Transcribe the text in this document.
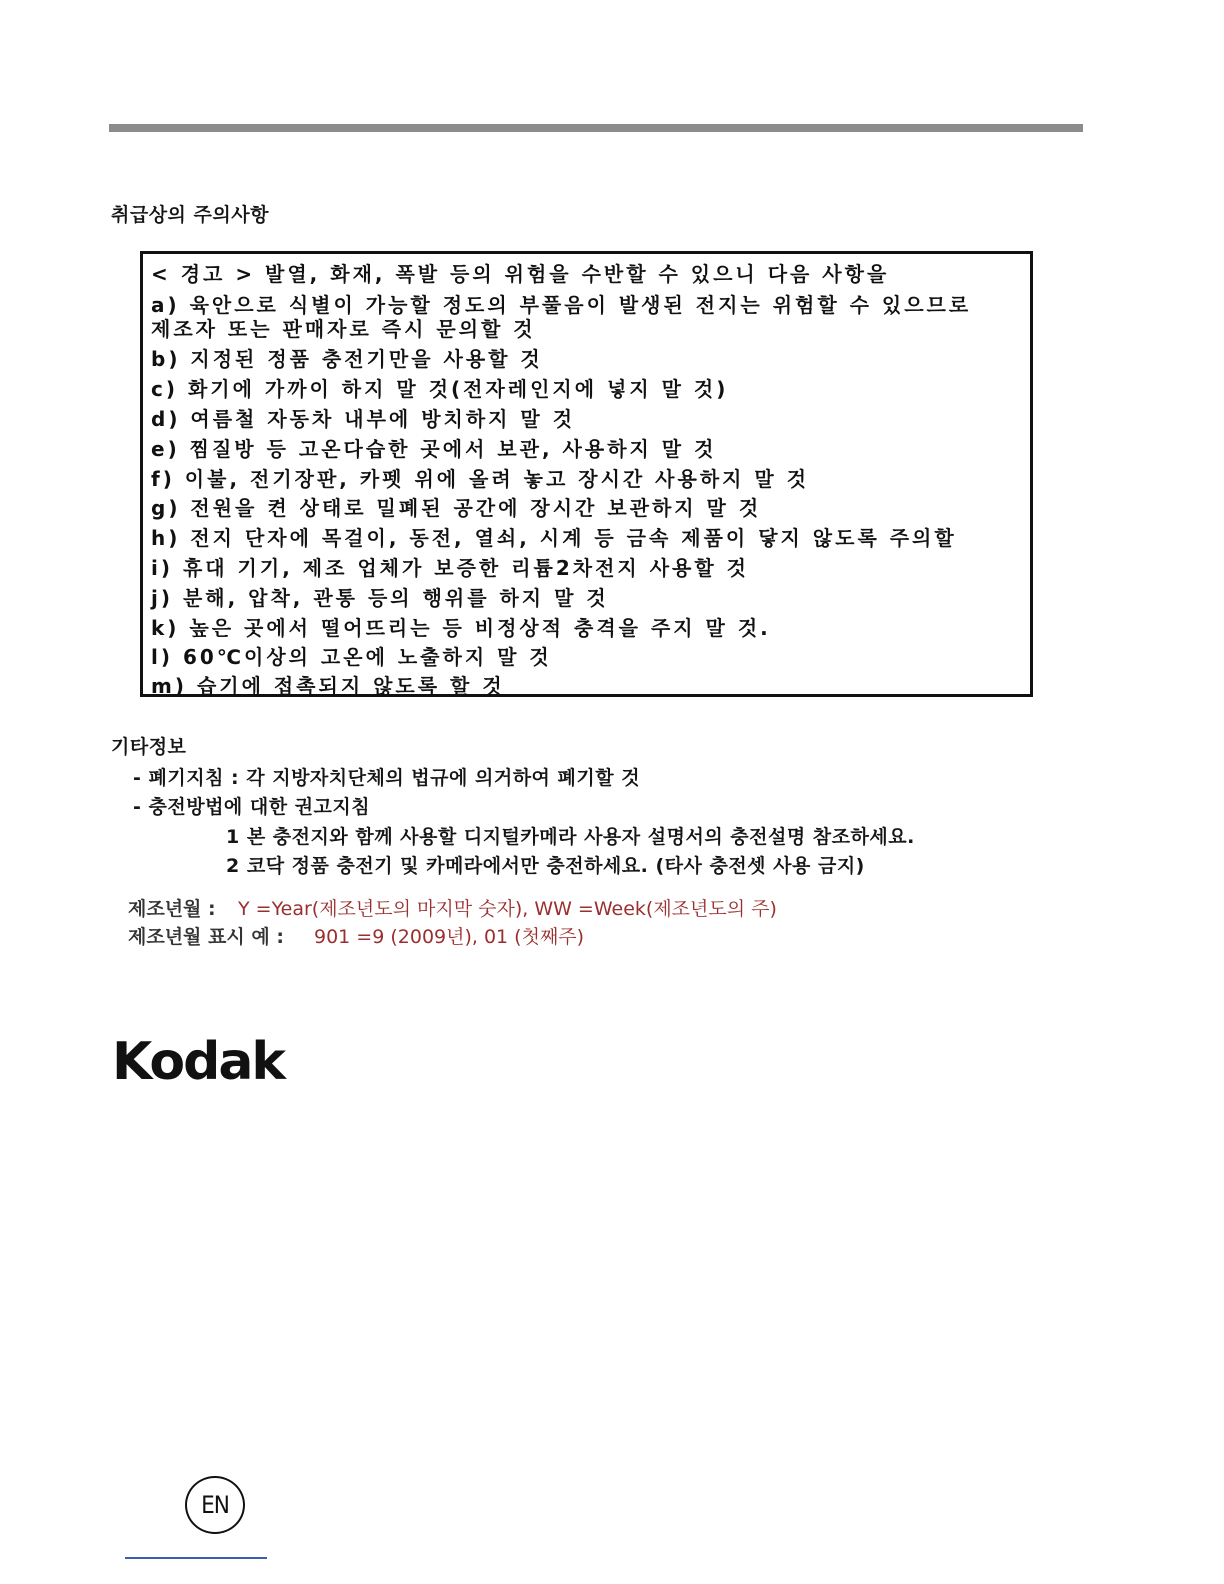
취급상의 주의사항
< 경고 > 발열, 화재, 폭발 등의 위험을 수반할 수 있으니 다음 사항을
a) 육안으로 식별이 가능할 정도의 부풀음이 발생된 전지는 위험할 수 있으므로
제조자 또는 판매자로 즉시 문의할 것
b) 지정된 정품 충전기만을 사용할 것
c) 화기에 가까이 하지 말 것(전자레인지에 넣지 말 것)
d) 여름철 자동차 내부에 방치하지 말 것
e) 찜질방 등 고온다습한 곳에서 보관, 사용하지 말 것
f) 이불, 전기장판, 카펫 위에 올려 놓고 장시간 사용하지 말 것
g) 전원을 켠 상태로 밀폐된 공간에 장시간 보관하지 말 것
h) 전지 단자에 목걸이, 동전, 열쇠, 시계 등 금속 제품이 닿지 않도록 주의할
i) 휴대 기기, 제조 업체가 보증한 리튬2차전지 사용할 것
j) 분해, 압착, 관통 등의 행위를 하지 말 것
k) 높은 곳에서 떨어뜨리는 등 비정상적 충격을 주지 말 것.
l) 60℃이상의 고온에 노출하지 말 것
m) 습기에 접촉되지 않도록 할 것
기타정보
- 폐기지침 : 각 지방자치단체의 법규에 의거하여 폐기할 것
- 충전방법에 대한 권고지침
1 본 충전지와 함께 사용할 디지털카메라 사용자 설명서의 충전설명 참조하세요.
2 코닥 정품 충전기 및 카메라에서만 충전하세요. (타사 충전셋 사용 금지)
제조년월 : Y =Year(제조년도의 마지막 숫자), WW =Week(제조년도의 주)
제조년월 표시 예 : 901 =9 (2009년), 01 (첫째주)
Kodak
EN
